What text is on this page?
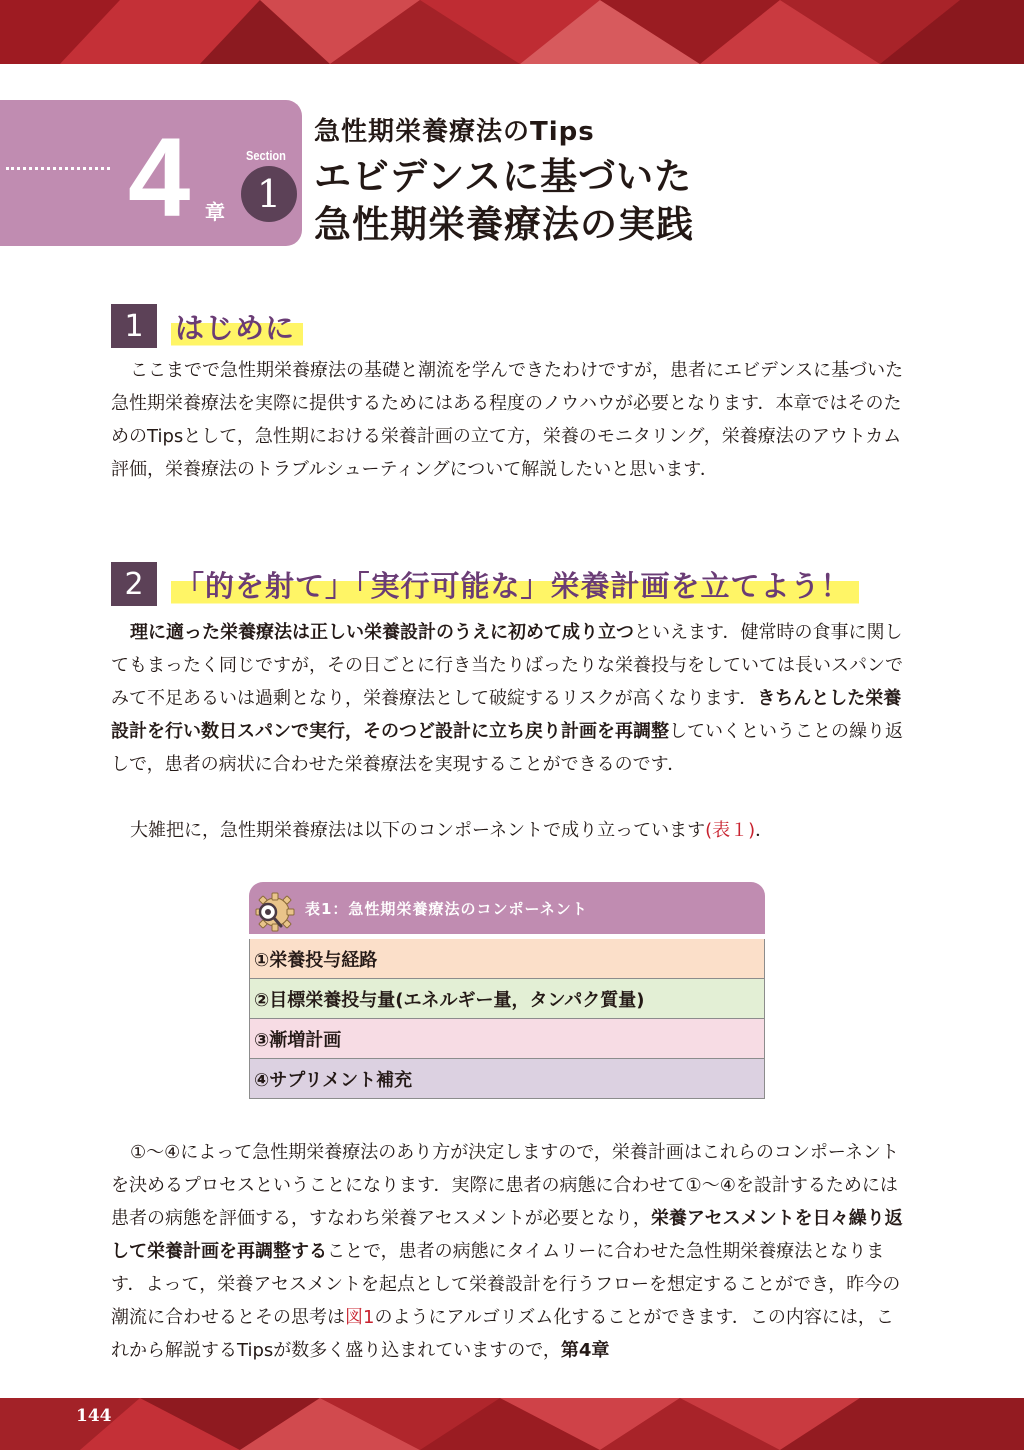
4 章
Section
1
急性期栄養療法のTips
エビデンスに基づいた
急性期栄養療法の実践
1	はじめに
ここまでで急性期栄養療法の基礎と潮流を学んできたわけですが，患者にエビデンスに基づいた急性期栄養療法を実際に提供するためにはある程度のノウハウが必要となります．本章ではそのためのTipsとして，急性期における栄養計画の立て方，栄養のモニタリング，栄養療法のアウトカム評価，栄養療法のトラブルシューティングについて解説したいと思います．
2	「的を射て」「実行可能な」栄養計画を立てよう！
理に適った栄養療法は正しい栄養設計のうえに初めて成り立つといえます．健常時の食事に関してもまったく同じですが，その日ごとに行き当たりばったりな栄養投与をしていては長いスパンでみて不足あるいは過剰となり，栄養療法として破綻するリスクが高くなります．きちんとした栄養設計を行い数日スパンで実行，そのつど設計に立ち戻り計画を再調整していくということの繰り返しで，患者の病状に合わせた栄養療法を実現することができるのです．
大雑把に，急性期栄養療法は以下のコンポーネントで成り立っています(表１)．
表1：急性期栄養療法のコンポーネント
①栄養投与経路
②目標栄養投与量(エネルギー量，タンパク質量)
③漸増計画
④サプリメント補充
①〜④によって急性期栄養療法のあり方が決定しますので，栄養計画はこれらのコンポーネントを決めるプロセスということになります．実際に患者の病態に合わせて①〜④を設計するためには患者の病態を評価する，すなわち栄養アセスメントが必要となり，栄養アセスメントを日々繰り返して栄養計画を再調整することで，患者の病態にタイムリーに合わせた急性期栄養療法となります．よって，栄養アセスメントを起点として栄養設計を行うフローを想定することができ，昨今の潮流に合わせるとその思考は図1のようにアルゴリズム化することができます．この内容には，これから解説するTipsが数多く盛り込まれていますので，第4章
144
